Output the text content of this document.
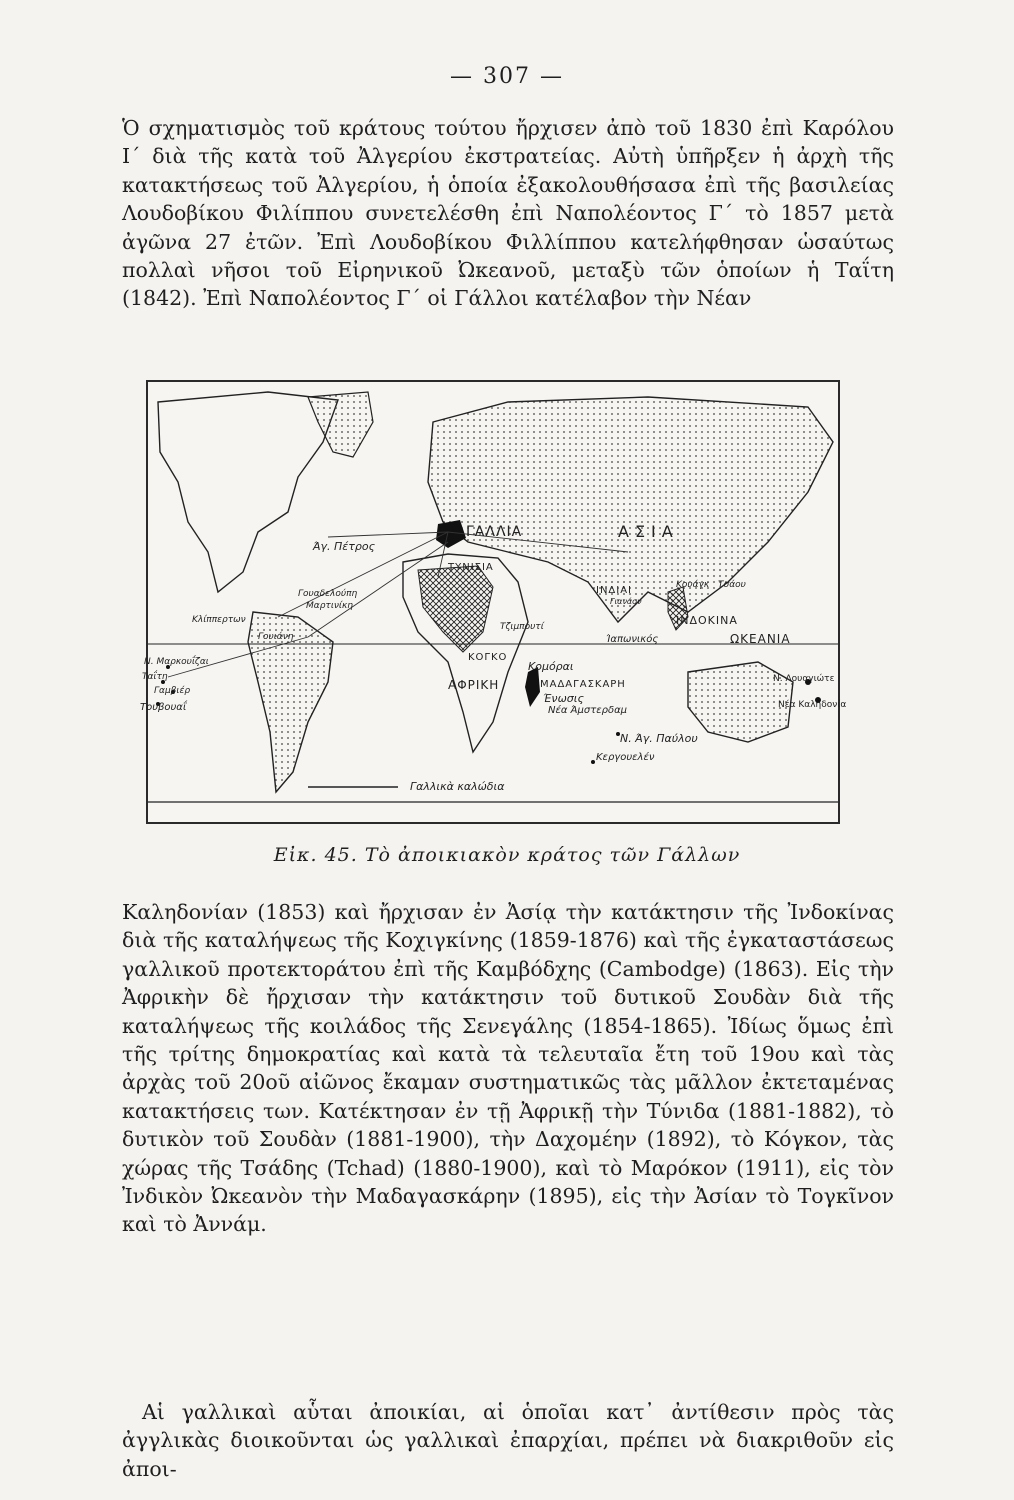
— 307 —

Ὁ σχηματισμὸς τοῦ κράτους τούτου ἤρχισεν ἀπὸ τοῦ 1830 ἐπὶ Καρόλου Ι΄ διὰ τῆς κατὰ τοῦ Ἀλγερίου ἐκστρατείας. Αὐτὴ ὑπῆρξεν ἡ ἀρχὴ τῆς κατακτήσεως τοῦ Ἀλγερίου, ἡ ὁποία ἐξακολουθήσασα ἐπὶ τῆς βασιλείας Λουδοβίκου Φιλίππου συνετελέσθη ἐπὶ Ναπολέοντος Γ΄ τὸ 1857 μετὰ ἀγῶνα 27 ἐτῶν. Ἐπὶ Λουδοβίκου Φιλλίππου κατελήφθησαν ὡσαύτως πολλαὶ νῆσοι τοῦ Εἰρηνικοῦ Ὠκεανοῦ, μεταξὺ τῶν ὁποίων ἡ Ταΐτη (1842). Ἐπὶ Ναπολέοντος Γ΄ οἱ Γάλλοι κατέλαβον τὴν Νέαν

ΓΑΛΛΙΑ	ΑΣΙΑ
ΤΥΝΙΣΙΑ
ΙΝΔΙΑΙ
ΙΝΔΟΚΙΝΑ
ΩΚΕΑΝΙΑ
ΑΦΡΙΚΗ
ΚΟΓΚΟ
ΜΑΔΑΓΑΣΚΑΡΗ
Άγ. Πέτρος
Γουαδελούπη
Μαρτινίκη
Κλίππερτων
Γουιάνη
Ν. Μαρκουΐζαι
Ταΐτη
Γαμβιέρ
Τουβουαΐ
Κομόραι
Ένωσις
Νέα Άμστερδαμ
Ν. Άγ. Παύλου
Κεργουελέν
Ν. Λουαγιώτε
Νέα Καληδονία
Τζιμπουτί
Ίαπωνικός
Κουάγκ Τσάου
Γιανάον
Γαλλικὰ καλώδια
Εἰκ. 45. Τὸ ἀποικιακὸν κράτος τῶν Γάλλων

Καληδονίαν (1853) καὶ ἤρχισαν ἐν Ἀσίᾳ τὴν κατάκτησιν τῆς Ἰνδοκίνας διὰ τῆς καταλήψεως τῆς Κοχιγκίνης (1859-1876) καὶ τῆς ἐγκαταστάσεως γαλλικοῦ προτεκτοράτου ἐπὶ τῆς Καμβόδχης (Cambodge) (1863). Εἰς τὴν Ἀφρικὴν δὲ ἤρχισαν τὴν κατάκτησιν τοῦ δυτικοῦ Σουδὰν διὰ τῆς καταλήψεως τῆς κοιλάδος τῆς Σενεγάλης (1854-1865). Ἰδίως ὅμως ἐπὶ τῆς τρίτης δημοκρατίας καὶ κατὰ τὰ τελευταῖα ἔτη τοῦ 19ου καὶ τὰς ἀρχὰς τοῦ 20οῦ αἰῶνος ἔκαμαν συστηματικῶς τὰς μᾶλλον ἐκτεταμένας κατακτήσεις των. Κατέκτησαν ἐν τῇ Ἀφρικῇ τὴν Τύνιδα (1881-1882), τὸ δυτικὸν τοῦ Σουδὰν (1881-1900), τὴν Δαχομέην (1892), τὸ Κόγκον, τὰς χώρας τῆς Τσάδης (Tchad) (1880-1900), καὶ τὸ Μαρόκον (1911), εἰς τὸν Ἰνδικὸν Ὠκεανὸν τὴν Μαδαγασκάρην (1895), εἰς τὴν Ἀσίαν τὸ Τογκῖνον καὶ τὸ Ἀννάμ.

Αἱ γαλλικαὶ αὗται ἀποικίαι, αἱ ὁποῖαι κατ᾿ ἀντίθεσιν πρὸς τὰς ἀγγλικὰς διοικοῦνται ὡς γαλλικαὶ ἐπαρχίαι, πρέπει νὰ διακριθοῦν εἰς ἀποι-
